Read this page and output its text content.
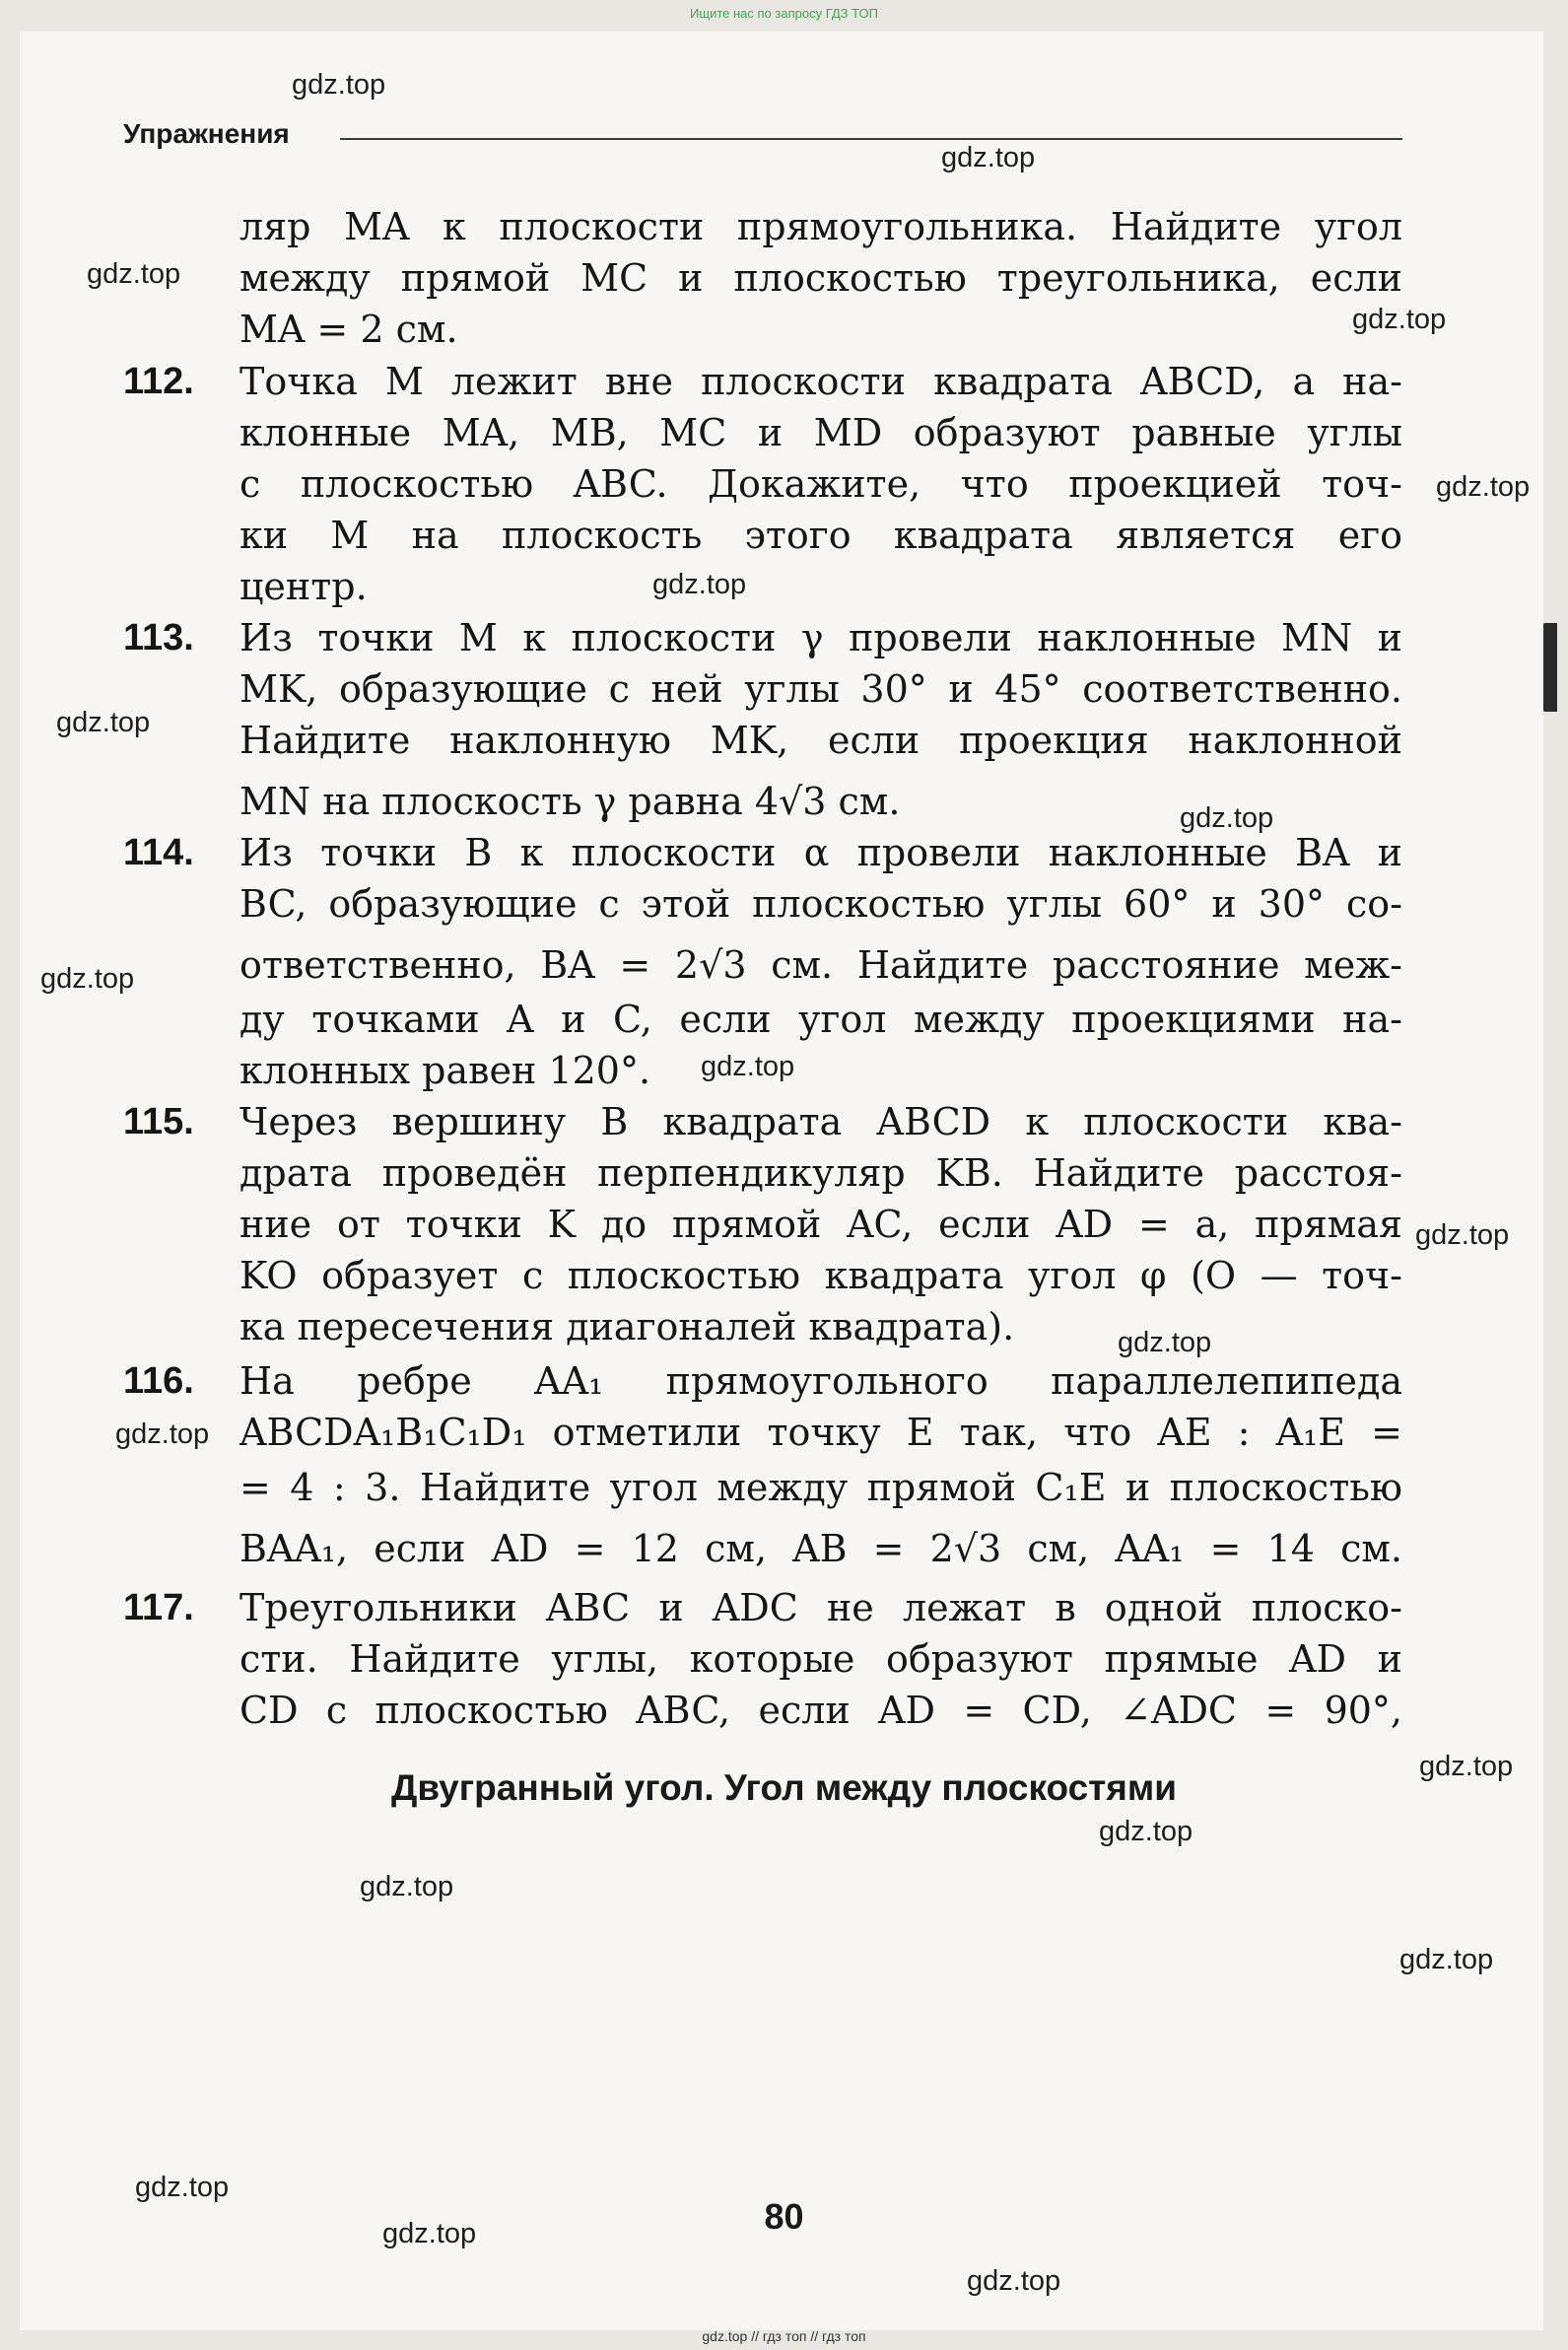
Ищите нас по запросу ГДЗ ТОП
Упражнения
ляр MA к плоскости прямоугольника. Найдите угол
между прямой MC и плоскостью треугольника, если
MA = 2 см.
112.	Точка M лежит вне плоскости квадрата ABCD, а на-
клонные MA, MB, MC и MD образуют равные углы
с плоскостью ABC. Докажите, что проекцией точ-
ки M на плоскость этого квадрата является его
центр.
113.	Из точки M к плоскости γ провели наклонные MN и
MK, образующие с ней углы 30° и 45° соответственно.
Найдите наклонную MK, если проекция наклонной
MN на плоскость γ равна 4√3 см.
114.	Из точки B к плоскости α провели наклонные BA и
BC, образующие с этой плоскостью углы 60° и 30° со-
ответственно, BA = 2√3 см. Найдите расстояние меж-
ду точками A и C, если угол между проекциями на-
клонных равен 120°.
115.	Через вершину B квадрата ABCD к плоскости ква-
драта проведён перпендикуляр KB. Найдите расстоя-
ние от точки K до прямой AC, если AD = a, прямая
KO образует с плоскостью квадрата угол φ (O — точ-
ка пересечения диагоналей квадрата).
116.	На ребре AA₁ прямоугольного параллелепипеда
ABCDA₁B₁C₁D₁ отметили точку E так, что AE : A₁E =
= 4 : 3. Найдите угол между прямой C₁E и плоскостью
BAA₁, если AD = 12 см, AB = 2√3 см, AA₁ = 14 см.
117.	Треугольники ABC и ADC не лежат в одной плоско-
сти. Найдите углы, которые образуют прямые AD и
CD с плоскостью ABC, если AD = CD, ∠ADC = 90°,
Двугранный угол. Угол между плоскостями
80
gdz.top
gdz.top
gdz.top
gdz.top
gdz.top
gdz.top
gdz.top
gdz.top
gdz.top
gdz.top
gdz.top
gdz.top
gdz.top
gdz.top
gdz.top
gdz.top
gdz.top
gdz.top
gdz.top
gdz.top
gdz.top // гдз топ // гдз топ
